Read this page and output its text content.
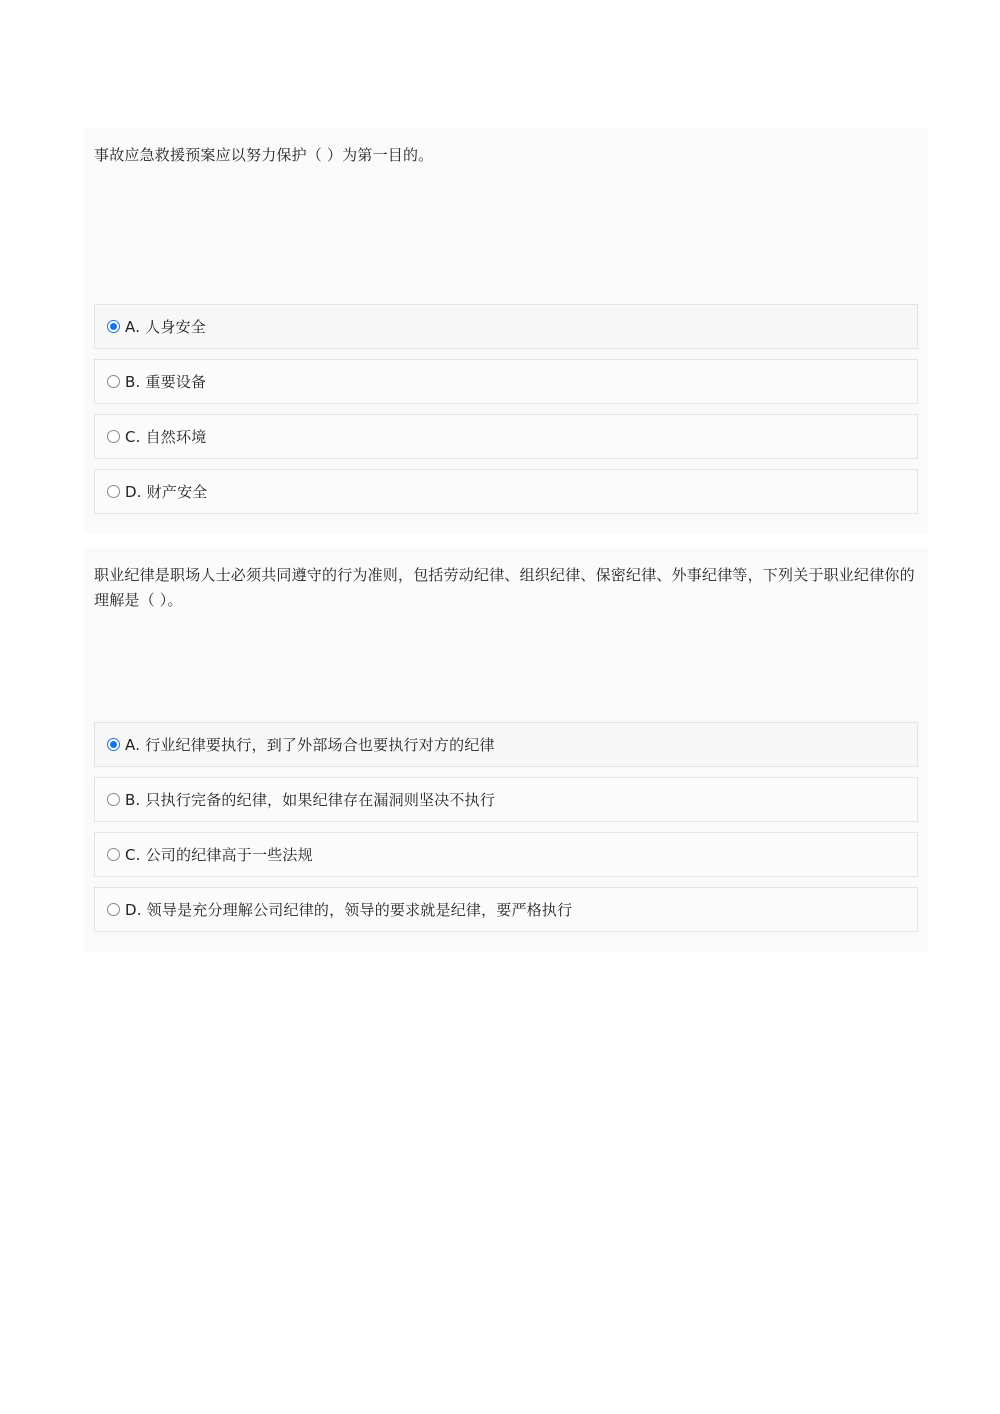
事故应急救援预案应以努力保护（ ）为第一目的。
A. 人身安全
B. 重要设备
C. 自然环境
D. 财产安全
职业纪律是职场人士必须共同遵守的行为准则，包括劳动纪律、组织纪律、保密纪律、外事纪律等，下列关于职业纪律你的理解是（ ）。
A. 行业纪律要执行，到了外部场合也要执行对方的纪律
B. 只执行完备的纪律，如果纪律存在漏洞则坚决不执行
C. 公司的纪律高于一些法规
D. 领导是充分理解公司纪律的，领导的要求就是纪律，要严格执行
